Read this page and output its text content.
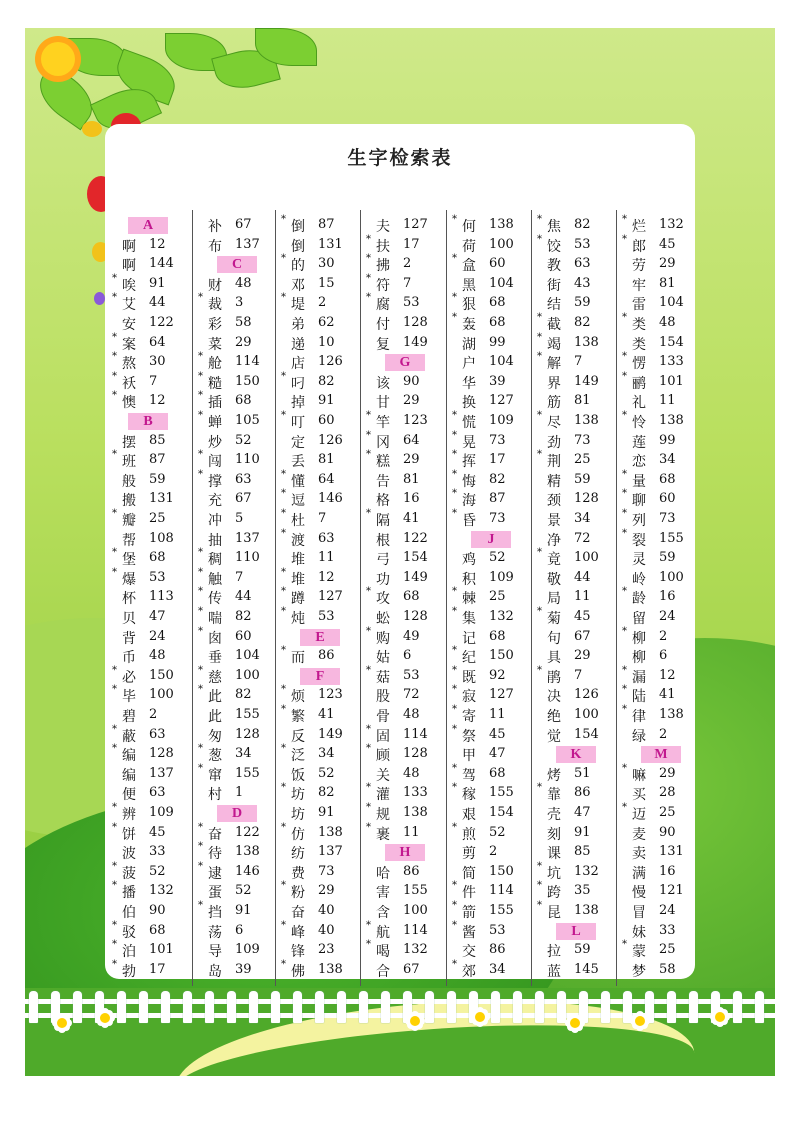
生字检索表
A
啊 12
啊 144
* 唉 91
* 艾 44
安 122
* 案 64
* 熬 30
* 袄 7
* 懊 12
B
摆 85
* 班 87
般 59
搬 131
* 瓣 25
帮 108
* 堡 68
* 爆 53
杯 113
贝 47
背 24
币 48
* 必 150
* 毕 100
碧 2
* 蔽 63
* 编 128
编 137
便 63
* 辨 109
* 饼 45
波 33
* 菠 52
* 播 132
伯 90
* 驳 68
* 泊 101
* 勃 17
补 67
布 137
C
财 48
* 裁 3
彩 58
菜 29
* 舱 114
* 糙 150
* 插 68
* 蝉 105
炒 52
* 闯 110
* 撑 63
充 67
冲 5
抽 137
* 稠 110
* 触 7
* 传 44
* 喘 82
* 囱 60
垂 104
* 慈 100
* 此 82
此 155
匆 128
* 葱 34
* 窜 155
村 1
D
* 奋 122
* 待 138
* 逮 146
蛋 52
* 挡 91
荡 6
导 109
岛 39
* 倒 87
倒 131
* 的 30
邓 15
* 堤 2
弟 62
递 10
店 126
* 叼 82
掉 91
* 叮 60
定 126
丢 81
* 懂 64
* 逗 146
* 杜 7
* 渡 63
堆 11
* 堆 12
* 蹲 127
* 炖 53
E
* 而 86
F
* 烦 123
* 繁 41
反 149
* 泛 34
饭 52
* 坊 82
坊 91
* 仿 138
纺 137
费 73
* 粉 29
奋 40
* 峰 40
锋 23
* 佛 138
夫 127
* 扶 17
* 拂 2
* 符 7
* 腐 53
付 128
复 149
G
该 90
甘 29
* 竿 123
* 冈 64
* 糕 29
告 81
格 16
* 隔 41
根 122
弓 154
功 149
* 攻 68
蚣 128
* 购 49
姑 6
* 菇 53
股 72
骨 48
* 固 114
* 顾 128
关 48
* 灌 133
* 规 138
* 裹 11
H
哈 86
害 155
含 100
* 航 114
* 喝 132
合 67
* 何 138
荷 100
* 盒 60
黑 104
* 狠 68
* 轰 68
湖 99
户 104
华 39
换 127
* 慌 109
* 晃 73
* 挥 17
* 悔 82
* 海 87
* 昏 73
J
鸡 52
积 109
* 棘 25
* 集 132
记 68
* 纪 150
* 既 92
* 寂 127
* 寄 11
* 祭 45
甲 47
* 驾 68
* 稼 155
艰 154
* 煎 52
剪 2
简 150
* 件 114
* 箭 155
* 酱 53
交 86
* 郊 34
* 焦 82
* 饺 53
教 63
街 43
结 59
* 截 82
* 竭 138
* 解 7
界 149
筋 81
* 尽 138
劲 73
* 荆 25
精 59
颈 128
景 34
净 72
* 竟 100
敬 44
局 11
* 菊 45
句 67
具 29
* 鹃 7
决 126
绝 100
觉 154
K
烤 51
* 靠 86
壳 47
刻 91
课 85
* 坑 132
* 跨 35
* 昆 138
L
拉 59
蓝 145
* 烂 132
* 郎 45
劳 29
牢 81
雷 104
* 类 48
类 154
* 愣 133
* 鹂 101
礼 11
* 怜 138
莲 99
恋 34
* 量 68
* 聊 60
* 列 73
* 裂 155
灵 59
岭 100
* 龄 16
留 24
* 柳 2
柳 6
* 漏 12
* 陆 41
* 律 138
绿 2
M
* 嘛 29
买 28
* 迈 25
麦 90
卖 131
满 16
慢 121
冒 24
妹 33
* 蒙 25
梦 58
